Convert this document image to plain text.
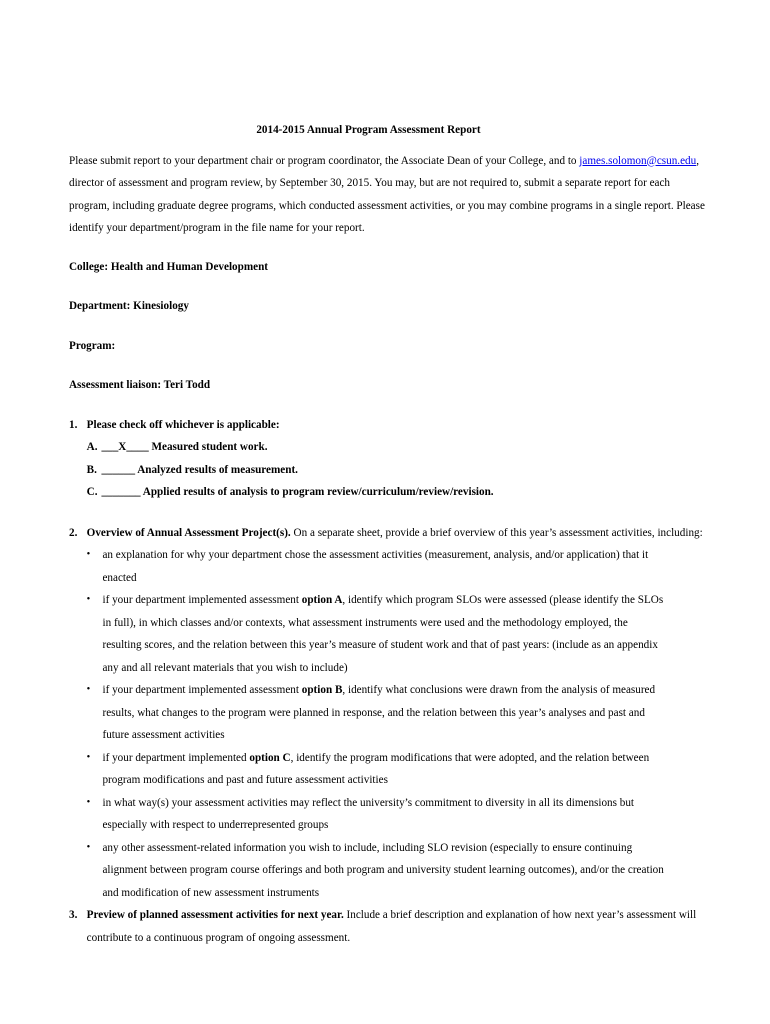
2014-2015 Annual Program Assessment Report

Please submit report to your department chair or program coordinator, the Associate Dean of your College, and to james.solomon@csun.edu, director of assessment and program review, by September 30, 2015. You may, but are not required to, submit a separate report for each program, including graduate degree programs, which conducted assessment activities, or you may combine programs in a single report. Please identify your department/program in the file name for your report.

College: Health and Human Development
Department: Kinesiology
Program:
Assessment liaison: Teri Todd
1. Please check off whichever is applicable:
A. ___X____ Measured student work.
B. ______ Analyzed results of measurement.
C. _______ Applied results of analysis to program review/curriculum/review/revision.
2. Overview of Annual Assessment Project(s). On a separate sheet, provide a brief overview of this year’s assessment activities, including:
• an explanation for why your department chose the assessment activities (measurement, analysis, and/or application) that it enacted
• if your department implemented assessment option A, identify which program SLOs were assessed (please identify the SLOs in full), in which classes and/or contexts, what assessment instruments were used and the methodology employed, the resulting scores, and the relation between this year’s measure of student work and that of past years: (include as an appendix any and all relevant materials that you wish to include)
• if your department implemented assessment option B, identify what conclusions were drawn from the analysis of measured results, what changes to the program were planned in response, and the relation between this year’s analyses and past and future assessment activities
• if your department implemented option C, identify the program modifications that were adopted, and the relation between program modifications and past and future assessment activities
• in what way(s) your assessment activities may reflect the university’s commitment to diversity in all its dimensions but especially with respect to underrepresented groups
• any other assessment-related information you wish to include, including SLO revision (especially to ensure continuing alignment between program course offerings and both program and university student learning outcomes), and/or the creation and modification of new assessment instruments
3. Preview of planned assessment activities for next year. Include a brief description and explanation of how next year’s assessment will contribute to a continuous program of ongoing assessment.
